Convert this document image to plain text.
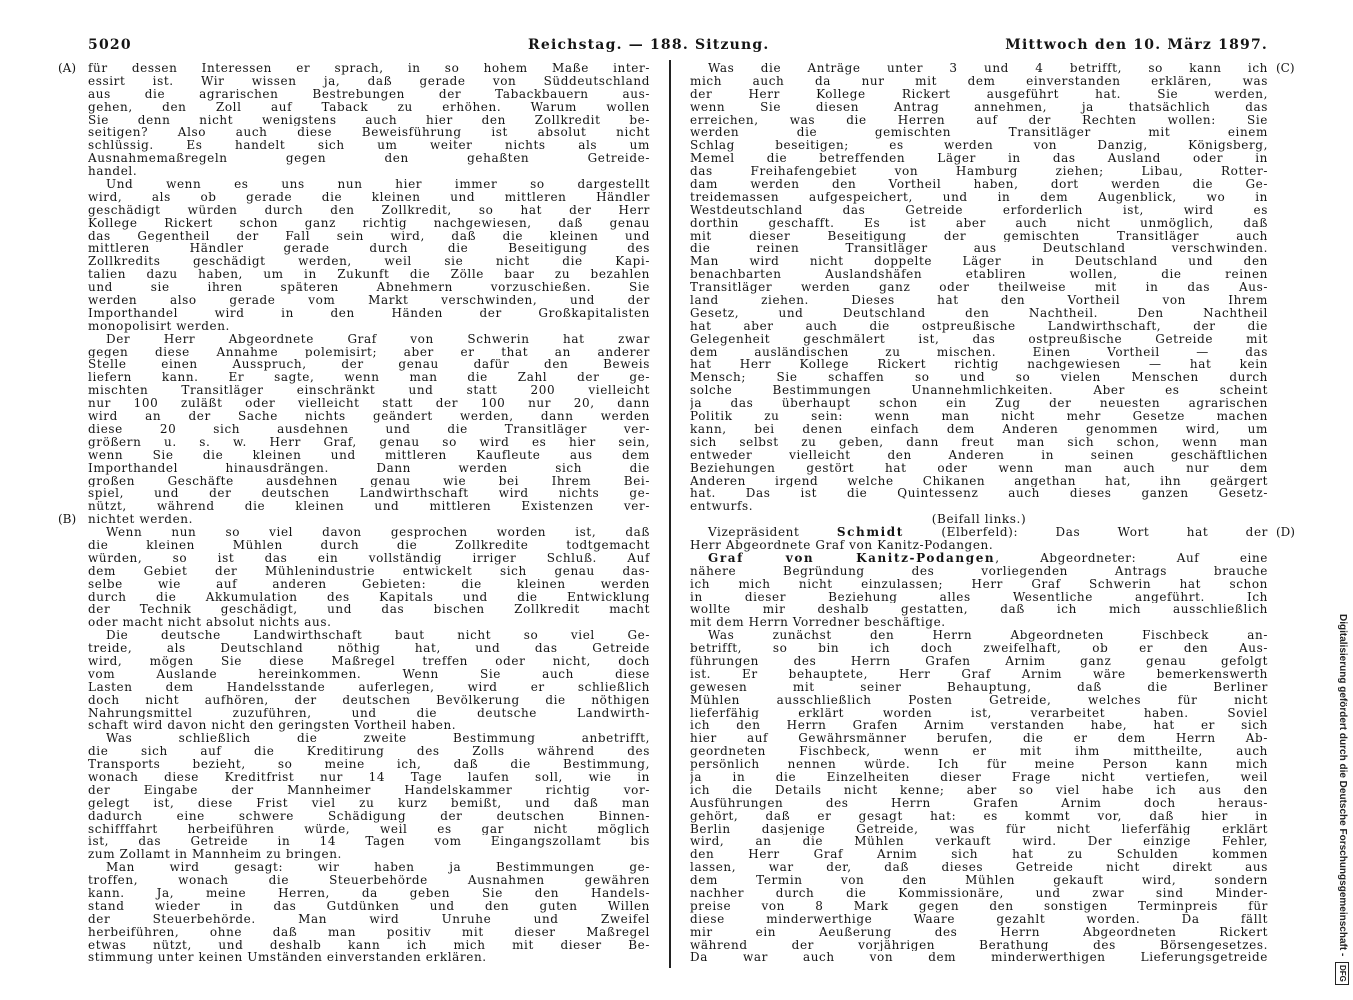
5020	Reichstag. — 188. Sitzung.	Mittwoch den 10. März 1897.
(A)
(B)
(C)
(D)
für dessen Interessen er sprach, in so hohem Maße inter-
essirt ist. Wir wissen ja, daß gerade von Süddeutschland
aus die agrarischen Bestrebungen der Tabackbauern aus-
gehen, den Zoll auf Taback zu erhöhen. Warum wollen
Sie denn nicht wenigstens auch hier den Zollkredit be-
seitigen? Also auch diese Beweisführung ist absolut nicht
schlüssig. Es handelt sich um weiter nichts als um
Ausnahmemaßregeln gegen den gehaßten Getreide-
handel.
Und wenn es uns nun hier immer so dargestellt
wird, als ob gerade die kleinen und mittleren Händler
geschädigt würden durch den Zollkredit, so hat der Herr
Kollege Rickert schon ganz richtig nachgewiesen, daß genau
das Gegentheil der Fall sein wird, daß die kleinen und
mittleren Händler gerade durch die Beseitigung des
Zollkredits geschädigt werden, weil sie nicht die Kapi-
talien dazu haben, um in Zukunft die Zölle baar zu bezahlen
und sie ihren späteren Abnehmern vorzuschießen. Sie
werden also gerade vom Markt verschwinden, und der
Importhandel wird in den Händen der Großkapitalisten
monopolisirt werden.
Der Herr Abgeordnete Graf von Schwerin hat zwar
gegen diese Annahme polemisirt; aber er that an anderer
Stelle einen Ausspruch, der genau dafür den Beweis
liefern kann. Er sagte, wenn man die Zahl der ge-
mischten Transitläger einschränkt und statt 200 vielleicht
nur 100 zuläßt oder vielleicht statt der 100 nur 20, dann
wird an der Sache nichts geändert werden, dann werden
diese 20 sich ausdehnen und die Transitläger ver-
größern u. s. w. Herr Graf, genau so wird es hier sein,
wenn Sie die kleinen und mittleren Kaufleute aus dem
Importhandel hinausdrängen. Dann werden sich die
großen Geschäfte ausdehnen genau wie bei Ihrem Bei-
spiel, und der deutschen Landwirthschaft wird nichts ge-
nützt, während die kleinen und mittleren Existenzen ver-
nichtet werden.
Wenn nun so viel davon gesprochen worden ist, daß
die kleinen Mühlen durch die Zollkredite todtgemacht
würden, so ist das ein vollständig irriger Schluß. Auf
dem Gebiet der Mühlenindustrie entwickelt sich genau das-
selbe wie auf anderen Gebieten: die kleinen werden
durch die Akkumulation des Kapitals und die Entwicklung
der Technik geschädigt, und das bischen Zollkredit macht
oder macht nicht absolut nichts aus.
Die deutsche Landwirthschaft baut nicht so viel Ge-
treide, als Deutschland nöthig hat, und das Getreide
wird, mögen Sie diese Maßregel treffen oder nicht, doch
vom Auslande hereinkommen. Wenn Sie auch diese
Lasten dem Handelsstande auferlegen, wird er schließlich
doch nicht aufhören, der deutschen Bevölkerung die nöthigen
Nahrungsmittel zuzuführen, und die deutsche Landwirth-
schaft wird davon nicht den geringsten Vortheil haben.
Was schließlich die zweite Bestimmung anbetrifft,
die sich auf die Kreditirung des Zolls während des
Transports bezieht, so meine ich, daß die Bestimmung,
wonach diese Kreditfrist nur 14 Tage laufen soll, wie in
der Eingabe der Mannheimer Handelskammer richtig vor-
gelegt ist, diese Frist viel zu kurz bemißt, und daß man
dadurch eine schwere Schädigung der deutschen Binnen-
schifffahrt herbeiführen würde, weil es gar nicht möglich
ist, das Getreide in 14 Tagen vom Eingangszollamt bis
zum Zollamt in Mannheim zu bringen.
Man wird gesagt: wir haben ja Bestimmungen ge-
troffen, wonach die Steuerbehörde Ausnahmen gewähren
kann. Ja, meine Herren, da geben Sie den Handels-
stand wieder in das Gutdünken und den guten Willen
der Steuerbehörde. Man wird Unruhe und Zweifel
herbeiführen, ohne daß man positiv mit dieser Maßregel
etwas nützt, und deshalb kann ich mich mit dieser Be-
stimmung unter keinen Umständen einverstanden erklären.
Was die Anträge unter 3 und 4 betrifft, so kann ich
mich auch da nur mit dem einverstanden erklären, was
der Herr Kollege Rickert ausgeführt hat. Sie werden,
wenn Sie diesen Antrag annehmen, ja thatsächlich das
erreichen, was die Herren auf der Rechten wollen: Sie
werden die gemischten Transitläger mit einem
Schlag beseitigen; es werden von Danzig, Königsberg,
Memel die betreffenden Läger in das Ausland oder in
das Freihafengebiet von Hamburg ziehen; Libau, Rotter-
dam werden den Vortheil haben, dort werden die Ge-
treidemassen aufgespeichert, und in dem Augenblick, wo in
Westdeutschland das Getreide erforderlich ist, wird es
dorthin geschafft. Es ist aber auch nicht unmöglich, daß
mit dieser Beseitigung der gemischten Transitläger auch
die reinen Transitläger aus Deutschland verschwinden.
Man wird nicht doppelte Läger in Deutschland und den
benachbarten Auslandshäfen etabliren wollen, die reinen
Transitläger werden ganz oder theilweise mit in das Aus-
land ziehen. Dieses hat den Vortheil von Ihrem
Gesetz, und Deutschland den Nachtheil. Den Nachtheil
hat aber auch die ostpreußische Landwirthschaft, der die
Gelegenheit geschmälert ist, das ostpreußische Getreide mit
dem ausländischen zu mischen. Einen Vortheil — das
hat Herr Kollege Rickert richtig nachgewiesen — hat kein
Mensch; Sie schaffen so und so vielen Menschen durch
solche Bestimmungen Unannehmlichkeiten. Aber es scheint
ja das überhaupt schon ein Zug der neuesten agrarischen
Politik zu sein: wenn man nicht mehr Gesetze machen
kann, bei denen einfach dem Anderen genommen wird, um
sich selbst zu geben, dann freut man sich schon, wenn man
entweder vielleicht den Anderen in seinen geschäftlichen
Beziehungen gestört hat oder wenn man auch nur dem
Anderen irgend welche Chikanen angethan hat, ihn geärgert
hat. Das ist die Quintessenz auch dieses ganzen Gesetz-
entwurfs.
(Beifall links.)
Vizepräsident Schmidt (Elberfeld): Das Wort hat der
Herr Abgeordnete Graf von Kanitz-Podangen.
Graf von Kanitz-Podangen, Abgeordneter: Auf eine
nähere Begründung des vorliegenden Antrags brauche
ich mich nicht einzulassen; Herr Graf Schwerin hat schon
in dieser Beziehung alles Wesentliche angeführt. Ich
wollte mir deshalb gestatten, daß ich mich ausschließlich
mit dem Herrn Vorredner beschäftige.
Was zunächst den Herrn Abgeordneten Fischbeck an-
betrifft, so bin ich doch zweifelhaft, ob er den Aus-
führungen des Herrn Grafen Arnim ganz genau gefolgt
ist. Er behauptete, Herr Graf Arnim wäre bemerkenswerth
gewesen mit seiner Behauptung, daß die Berliner
Mühlen ausschließlich Posten Getreide, welches für nicht
lieferfähig erklärt worden ist, verarbeitet haben. Soviel
ich den Herrn Grafen Arnim verstanden habe, hat er sich
hier auf Gewährsmänner berufen, die er dem Herrn Ab-
geordneten Fischbeck, wenn er mit ihm mittheilte, auch
persönlich nennen würde. Ich für meine Person kann mich
ja in die Einzelheiten dieser Frage nicht vertiefen, weil
ich die Details nicht kenne; aber so viel habe ich aus den
Ausführungen des Herrn Grafen Arnim doch heraus-
gehört, daß er gesagt hat: es kommt vor, daß hier in
Berlin dasjenige Getreide, was für nicht lieferfähig erklärt
wird, an die Mühlen verkauft wird. Der einzige Fehler,
den Herr Graf Arnim sich hat zu Schulden kommen
lassen, war der, daß dieses Getreide nicht direkt aus
dem Termin von den Mühlen gekauft wird, sondern
nachher durch die Kommissionäre, und zwar sind Minder-
preise von 8 Mark gegen den sonstigen Terminpreis für
diese minderwerthige Waare gezahlt worden. Da fällt
mir ein Aeußerung des Herrn Abgeordneten Rickert
während der vorjährigen Berathung des Börsengesetzes.
Da war auch von dem minderwerthigen Lieferungsgetreide
Digitalisierung gefördert durch die Deutsche Forschungsgemeinschaft - DFG
